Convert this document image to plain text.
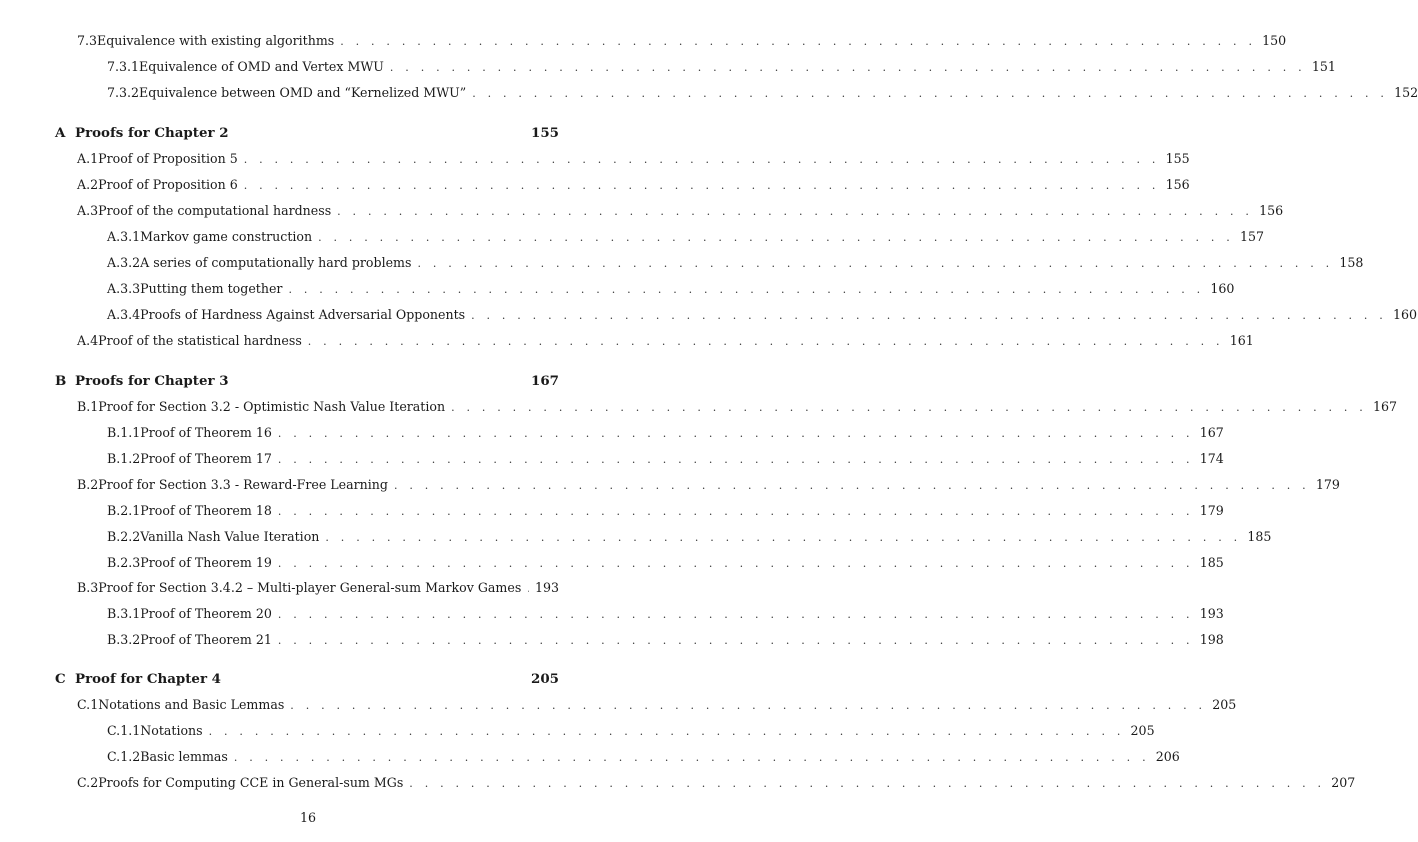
7.3 Equivalence with existing algorithms . . . . . . . . . . . . . . . . . . . . . . . . . . . . . . . . . . . . . . . . . . . . . . . . . . . . . . . . . . . . 150
7.3.1 Equivalence of OMD and Vertex MWU . . . . . . . . . . . . . . . . . . . . . . . . . . . . . . . . . . . . . . . . . . . . . . . . . . . . . . . . . . . . 151
7.3.2 Equivalence between OMD and “Kernelized MWU” . . . . . . . . . . . . . . . . . . . . . . . . . . . . . . . . . . . . . . . . . . . . . . . . . . . . . . . . . . . . 152
A Proofs for Chapter 2	155
A.1 Proof of Proposition 5 . . . . . . . . . . . . . . . . . . . . . . . . . . . . . . . . . . . . . . . . . . . . . . . . . . . . . . . . . . . . 155
A.2 Proof of Proposition 6 . . . . . . . . . . . . . . . . . . . . . . . . . . . . . . . . . . . . . . . . . . . . . . . . . . . . . . . . . . . . 156
A.3 Proof of the computational hardness . . . . . . . . . . . . . . . . . . . . . . . . . . . . . . . . . . . . . . . . . . . . . . . . . . . . . . . . . . . . 156
A.3.1 Markov game construction . . . . . . . . . . . . . . . . . . . . . . . . . . . . . . . . . . . . . . . . . . . . . . . . . . . . . . . . . . . . 157
A.3.2 A series of computationally hard problems . . . . . . . . . . . . . . . . . . . . . . . . . . . . . . . . . . . . . . . . . . . . . . . . . . . . . . . . . . . . 158
A.3.3 Putting them together . . . . . . . . . . . . . . . . . . . . . . . . . . . . . . . . . . . . . . . . . . . . . . . . . . . . . . . . . . . . 160
A.3.4 Proofs of Hardness Against Adversarial Opponents . . . . . . . . . . . . . . . . . . . . . . . . . . . . . . . . . . . . . . . . . . . . . . . . . . . . . . . . . . . . 160
A.4 Proof of the statistical hardness . . . . . . . . . . . . . . . . . . . . . . . . . . . . . . . . . . . . . . . . . . . . . . . . . . . . . . . . . . . . 161
B Proofs for Chapter 3	167
B.1 Proof for Section 3.2 - Optimistic Nash Value Iteration . . . . . . . . . . . . . . . . . . . . . . . . . . . . . . . . . . . . . . . . . . . . . . . . . . . . . . . . . . . . 167
B.1.1 Proof of Theorem 16 . . . . . . . . . . . . . . . . . . . . . . . . . . . . . . . . . . . . . . . . . . . . . . . . . . . . . . . . . . . . 167
B.1.2 Proof of Theorem 17 . . . . . . . . . . . . . . . . . . . . . . . . . . . . . . . . . . . . . . . . . . . . . . . . . . . . . . . . . . . . 174
B.2 Proof for Section 3.3 - Reward-Free Learning . . . . . . . . . . . . . . . . . . . . . . . . . . . . . . . . . . . . . . . . . . . . . . . . . . . . . . . . . . . . 179
B.2.1 Proof of Theorem 18 . . . . . . . . . . . . . . . . . . . . . . . . . . . . . . . . . . . . . . . . . . . . . . . . . . . . . . . . . . . . 179
B.2.2 Vanilla Nash Value Iteration . . . . . . . . . . . . . . . . . . . . . . . . . . . . . . . . . . . . . . . . . . . . . . . . . . . . . . . . . . . . 185
B.2.3 Proof of Theorem 19 . . . . . . . . . . . . . . . . . . . . . . . . . . . . . . . . . . . . . . . . . . . . . . . . . . . . . . . . . . . . 185
B.3 Proof for Section 3.4.2 – Multi-player General-sum Markov Games 193
B.3.1 Proof of Theorem 20 . . . . . . . . . . . . . . . . . . . . . . . . . . . . . . . . . . . . . . . . . . . . . . . . . . . . . . . . . . . . 193
B.3.2 Proof of Theorem 21 . . . . . . . . . . . . . . . . . . . . . . . . . . . . . . . . . . . . . . . . . . . . . . . . . . . . . . . . . . . . 198
C Proof for Chapter 4	205
C.1 Notations and Basic Lemmas . . . . . . . . . . . . . . . . . . . . . . . . . . . . . . . . . . . . . . . . . . . . . . . . . . . . . . . . . . . . 205
C.1.1 Notations . . . . . . . . . . . . . . . . . . . . . . . . . . . . . . . . . . . . . . . . . . . . . . . . . . . . . . . . . . . . 205
C.1.2 Basic lemmas . . . . . . . . . . . . . . . . . . . . . . . . . . . . . . . . . . . . . . . . . . . . . . . . . . . . . . . . . . . . 206
C.2 Proofs for Computing CCE in General-sum MGs . . . . . . . . . . . . . . . . . . . . . . . . . . . . . . . . . . . . . . . . . . . . . . . . . . . . . . . . . . . . 207
16
